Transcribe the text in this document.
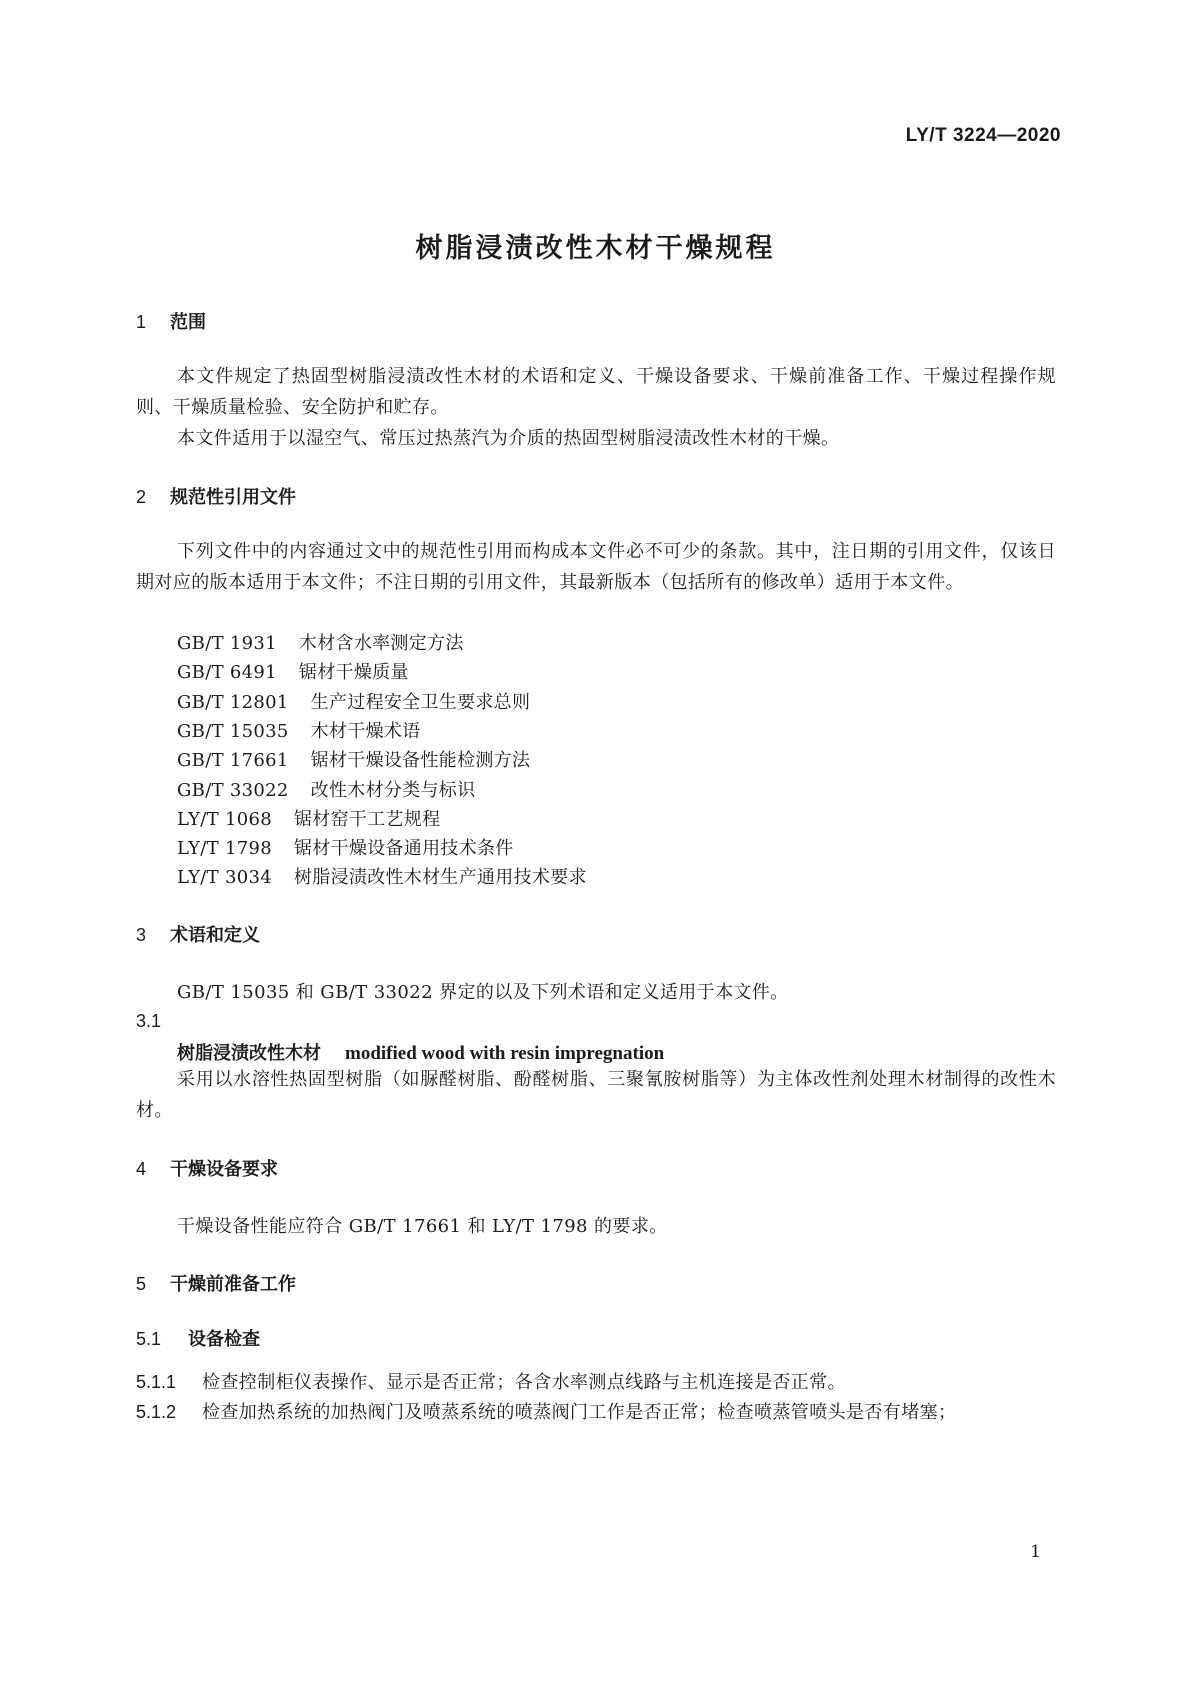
LY/T 3224—2020
树脂浸渍改性木材干燥规程
1 范围
本文件规定了热固型树脂浸渍改性木材的术语和定义、干燥设备要求、干燥前准备工作、干燥过程操作规则、干燥质量检验、安全防护和贮存。
本文件适用于以湿空气、常压过热蒸汽为介质的热固型树脂浸渍改性木材的干燥。
2 规范性引用文件
下列文件中的内容通过文中的规范性引用而构成本文件必不可少的条款。其中，注日期的引用文件，仅该日期对应的版本适用于本文件；不注日期的引用文件，其最新版本（包括所有的修改单）适用于本文件。
GB/T 1931 木材含水率测定方法
GB/T 6491 锯材干燥质量
GB/T 12801 生产过程安全卫生要求总则
GB/T 15035 木材干燥术语
GB/T 17661 锯材干燥设备性能检测方法
GB/T 33022 改性木材分类与标识
LY/T 1068 锯材窑干工艺规程
LY/T 1798 锯材干燥设备通用技术条件
LY/T 3034 树脂浸渍改性木材生产通用技术要求
3 术语和定义
GB/T 15035 和 GB/T 33022 界定的以及下列术语和定义适用于本文件。
3.1
树脂浸渍改性木材 modified wood with resin impregnation
采用以水溶性热固型树脂（如脲醛树脂、酚醛树脂、三聚氰胺树脂等）为主体改性剂处理木材制得的改性木材。
4 干燥设备要求
干燥设备性能应符合 GB/T 17661 和 LY/T 1798 的要求。
5 干燥前准备工作
5.1 设备检查
5.1.1 检查控制柜仪表操作、显示是否正常；各含水率测点线路与主机连接是否正常。
5.1.2 检查加热系统的加热阀门及喷蒸系统的喷蒸阀门工作是否正常；检查喷蒸管喷头是否有堵塞；
1
